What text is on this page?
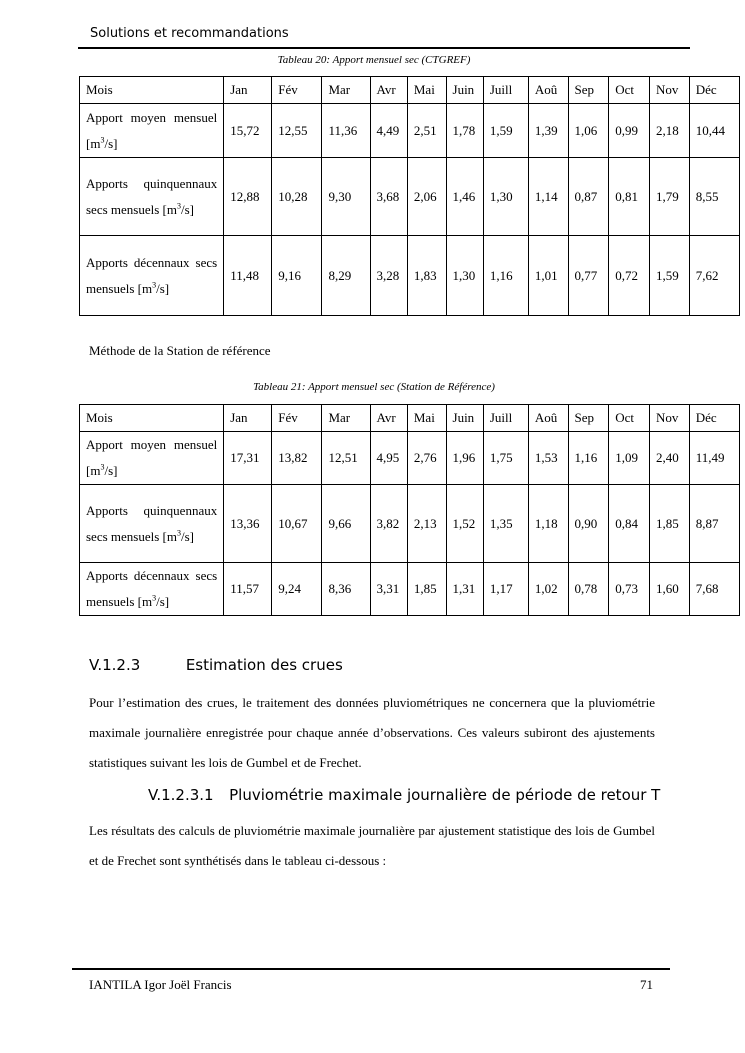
Solutions et recommandations
Tableau 20: Apport mensuel sec (CTGREF)
Mois	Jan	Fév	Mar	Avr	Mai	Juin	Juill	Aoû	Sep	Oct	Nov	Déc
Apport moyen mensuel $[m^3/s]$	15,72	12,55	11,36	4,49	2,51	1,78	1,59	1,39	1,06	0,99	2,18	10,44
Apports quinquennaux secs mensuels $[m^3/s]$	12,88	10,28	9,30	3,68	2,06	1,46	1,30	1,14	0,87	0,81	1,79	8,55
Apports décennaux secs mensuels $[m^3/s]$	11,48	9,16	8,29	3,28	1,83	1,30	1,16	1,01	0,77	0,72	1,59	7,62
Méthode de la Station de référence
Tableau 21: Apport mensuel sec (Station de Référence)
Mois	Jan	Fév	Mar	Avr	Mai	Juin	Juill	Aoû	Sep	Oct	Nov	Déc
Apport moyen mensuel $[m^3/s]$	17,31	13,82	12,51	4,95	2,76	1,96	1,75	1,53	1,16	1,09	2,40	11,49
Apports quinquennaux secs mensuels $[m^3/s]$	13,36	10,67	9,66	3,82	2,13	1,52	1,35	1,18	0,90	0,84	1,85	8,87
Apports décennaux secs mensuels $[m^3/s]$	11,57	9,24	8,36	3,31	1,85	1,31	1,17	1,02	0,78	0,73	1,60	7,68
V.1.2.3	Estimation des crues
Pour l’estimation des crues, le traitement des données pluviométriques ne concernera que la pluviométrie maximale journalière enregistrée pour chaque année d’observations. Ces valeurs subiront des ajustements statistiques suivant les lois de Gumbel et de Frechet.
V.1.2.3.1 Pluviométrie maximale journalière de période de retour T
Les résultats des calculs de pluviométrie maximale journalière par ajustement statistique des lois de Gumbel et de Frechet sont synthétisés dans le tableau ci-dessous :
IANTILA Igor Joël Francis	71
